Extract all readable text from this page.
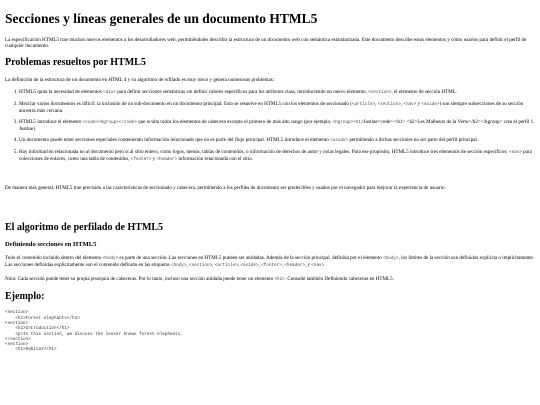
Secciones y líneas generales de un documento HTML5

La especificación HTML5 trae muchos nuevos elementos a los desarrolladores web, permitiéndoles describir la estructura de un documento web con semántica estandarizada. Este documento describe estos elementos y cómo usarlos para definir el perfil de cualquier documento.

Problemas resueltos por HTML5

La definición de la estructura de un documento en HTML 4 y su algoritmo de erfilado es muy tosco y genera numerosos problemas:

1. HTML5 quita la necesidad de elementos <div> para definir secciones semánticas sin definir valores específicos para los atributos class, introduciendo un nuevo elemento, <section>, el elemento de sección HTML.
2. Mezclar varios documentos es difícil: la inclusión de un sub-documento en un documento principal. Esto se resuelve en HTML5 con los elementos de seccionado (<article>, <section>, <nav> y <aside>) son siempre subsecciones de su sección ancestra más cercana.
3. HTML5 introduce el elemento <code><hgroup></code> que oculta todos los elementos de cabecera excepto el primero de más alto rango (por ejemplo, <hgroup><h1>Justine<code></h1> <h2>Les Malheurs de la Vertu</h2></hgroup> crea el perfil 1. Justine).
4. Un documento puede tener secciones especiales conteniendo información relacionado que no es parte del flujo principal. HTML5 introduce el elemento <aside> permitiendo a dichas secciones no ser parte del perfil principal.
5. Hay información relacionada no al documento pero sí al sitio entero, como logos, menús, tablas de contenidos, o información de derechos de autor y notas legales. Para ese propósito, HTML5 introduce tres elementos de sección específicos: <nav> para colecciones de enlaces, como una tabla de contenidos, <footer> y <header> información relacionada con el sitio.

De manera más general, HTML5 trae precisión a las características de seccionado y cabecera, permitiendo a los perfiles de documento ser predecibles y usados por el navegador para mejorar la experiencia de usuario.

El algoritmo de perfilado de HTML5
Definiendo secciones en HTML5

Todo el contenido incluido dentro del elemento <body> es parte de una sección. Las secciones en HTML5 pueden ser anidadas. Además de la sección principal, definida por el elemento <body>, los límites de la sección son definidos explícita o implícitamente. Las secciones definidas explícitamente son el contenido definido en las etiquetas <body>, <section>, <article>, <aside>, <footer>, <header>, y <nav>.

Nota: Cada sección puede tener su propia jerarquía de cabeceras. Por lo tanto, incluso una sección anidada puede tener un elemento <h1>. Consulte también Definiendo cabeceras en HTML5.

Ejemplo:
<section>
<h1>Forest elephants</h1>
<section>
<h1>Introduction</h1>
<p>In this section, we discuss the lesser known forest elephants.
</section>
<section>
<h1>Habitat</h1>
